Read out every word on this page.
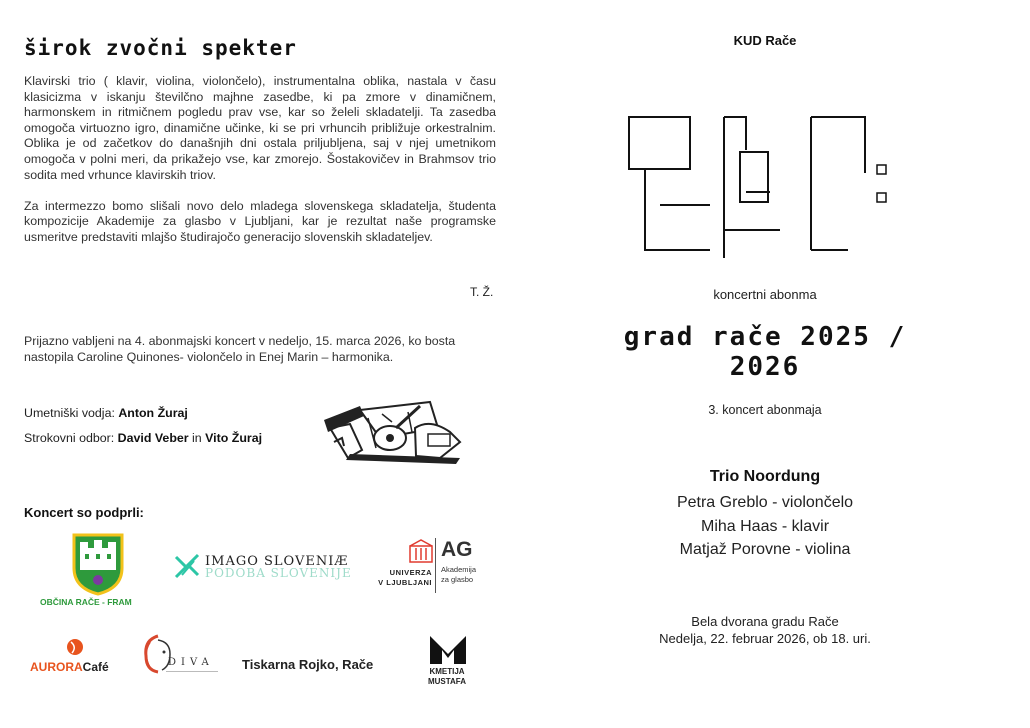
širok zvočni spekter

Klavirski trio ( klavir, violina, violončelo), instrumentalna oblika, nastala v času klasicizma v iskanju številčno majhne zasedbe, ki pa zmore v dinamičnem, harmonskem in ritmičnem pogledu prav vse, kar so želeli skladatelji. Ta zasedba omogoča virtuozno igro, dinamične učinke, ki se pri vrhuncih približuje orkestralnim. Oblika je od začetkov do današnjih dni ostala priljubljena, saj v njej umetnikom omogoča v polni meri, da prikažejo vse, kar zmorejo. Šostakovičev in Brahmsov trio sodita med vrhunce klavirskih triov.

Za intermezzo bomo slišali novo delo mladega slovenskega skladatelja, študenta kompozicije Akademije za glasbo v Ljubljani, kar je rezultat naše programske usmeritve predstaviti mlajšo študirajočo generacijo slovenskih skladateljev.

T. Ž.
Prijazno vabljeni na 4. abonmajski koncert v nedeljo, 15. marca 2026, ko bosta nastopila Caroline Quinones- violončelo in Enej Marin – harmonika.
Umetniški vodja: Anton Žuraj
Strokovni odbor: David Veber in Vito Žuraj
Koncert so podprli:
OBČINA RAČE - FRAM
IMAGO SLOVENIÆ
PODOBA SLOVENIJE	UNIVERZA
V LJUBLJANI
AG
Akademija
za glasbo
AURORACafé	DIVA Tiskarna Rojko, Rače	KMETIJA
MUSTAFA
KUD Rače
koncertni abonma
grad rače 2025 / 2026
3. koncert abonmaja
Trio Noordung
Petra Greblo - violončelo
Miha Haas - klavir
Matjaž Porovne - violina
Bela dvorana gradu Rače
Nedelja, 22. februar 2026, ob 18. uri.
